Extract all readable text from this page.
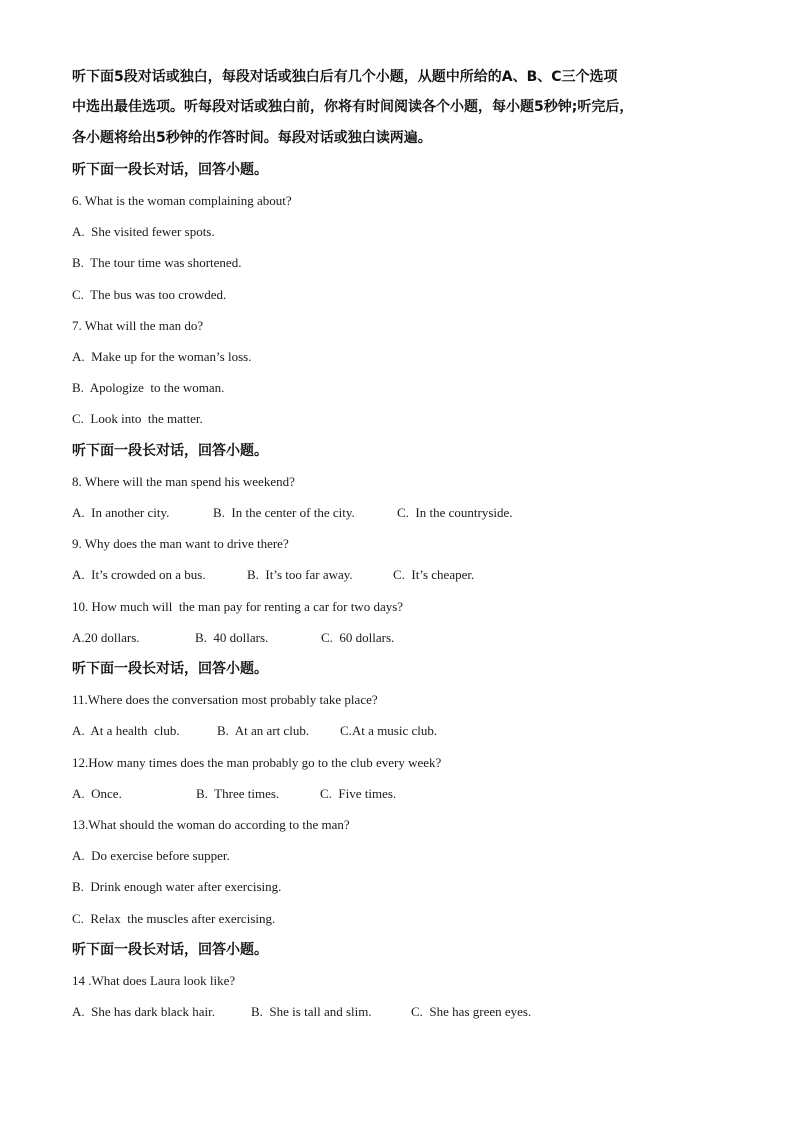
听下面5段对话或独白，每段对话或独白后有几个小题，从题中所给的A、B、C三个选项
中选出最佳选项。听每段对话或独白前，你将有时间阅读各个小题，每小题5秒钟;听完后，
各小题将给出5秒钟的作答时间。每段对话或独白读两遍。
听下面一段长对话，回答小题。
6. What is the woman complaining about?
A.  She visited fewer spots.
B.  The tour time was shortened.
C.  The bus was too crowded.
7. What will the man do?
A.  Make up for the woman’s loss.
B.  Apologize  to the woman.
C.  Look into  the matter.
听下面一段长对话，回答小题。
8. Where will the man spend his weekend?
A.  In another city.	B.  In the center of the city.	C.  In the countryside.
9. Why does the man want to drive there?
A.  It’s crowded on a bus.	B.  It’s too far away.	C.  It’s cheaper.
10. How much will  the man pay for renting a car for two days?
A.20 dollars.	B.  40 dollars.	C.  60 dollars.
听下面一段长对话，回答小题。
11.Where does the conversation most probably take place?
A.  At a health  club.	B.  At an art club. C.At a music club.
12.How many times does the man probably go to the club every week?
A.  Once.	B.  Three times.	C.  Five times.
13.What should the woman do according to the man?
A.  Do exercise before supper.
B.  Drink enough water after exercising.
C.  Relax  the muscles after exercising.
听下面一段长对话，回答小题。
14 .What does Laura look like?
A.  She has dark black hair.	B.  She is tall and slim.	C.  She has green eyes.
